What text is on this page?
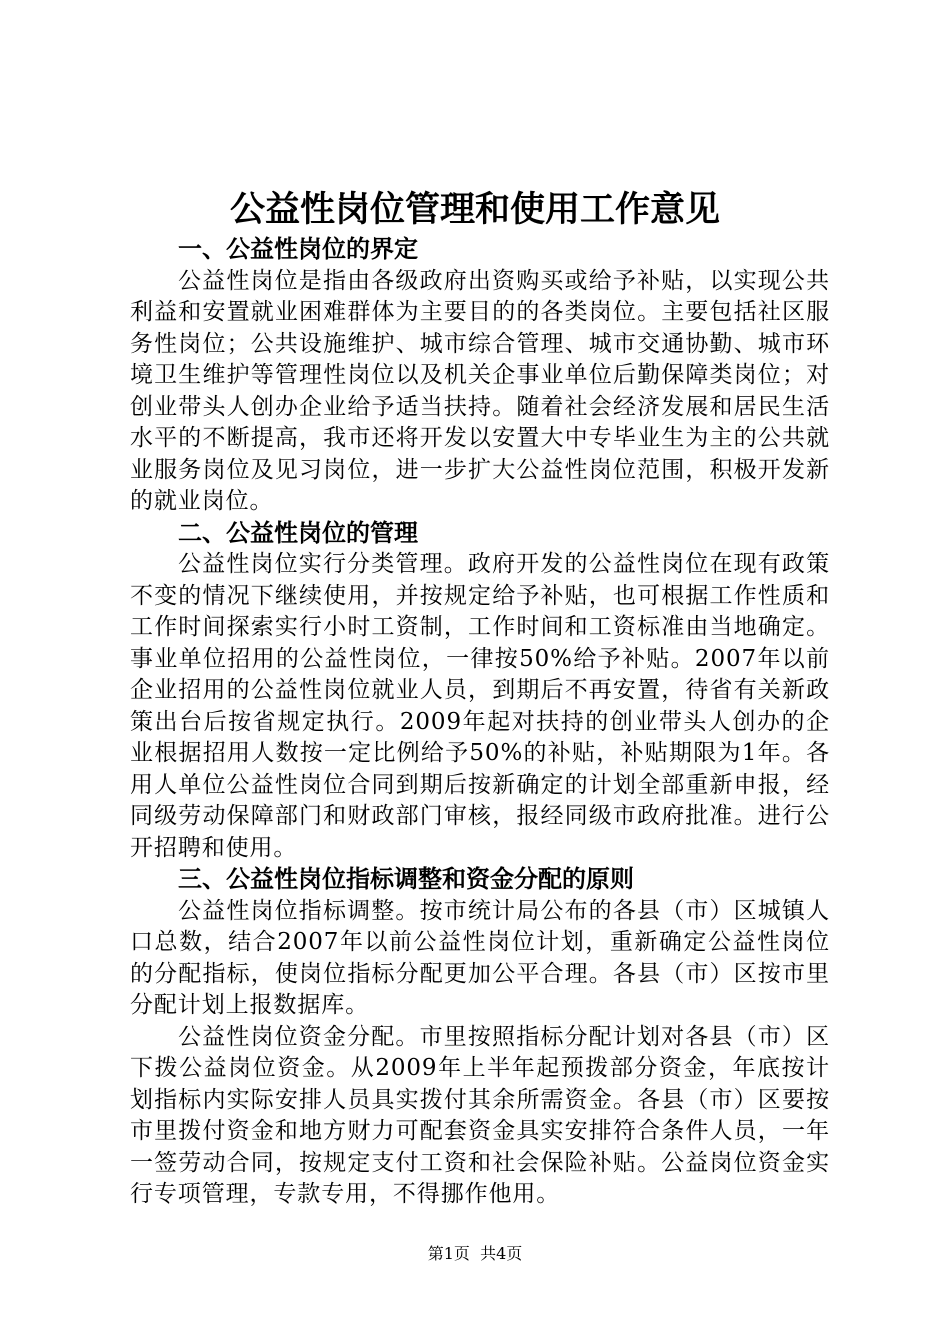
公益性岗位管理和使用工作意见
一、公益性岗位的界定

公益性岗位是指由各级政府出资购买或给予补贴，以实现公共利益和安置就业困难群体为主要目的的各类岗位。主要包括社区服务性岗位；公共设施维护、城市综合管理、城市交通协勤、城市环境卫生维护等管理性岗位以及机关企事业单位后勤保障类岗位；对创业带头人创办企业给予适当扶持。随着社会经济发展和居民生活水平的不断提高，我市还将开发以安置大中专毕业生为主的公共就业服务岗位及见习岗位，进一步扩大公益性岗位范围，积极开发新的就业岗位。

二、公益性岗位的管理

公益性岗位实行分类管理。政府开发的公益性岗位在现有政策不变的情况下继续使用，并按规定给予补贴，也可根据工作性质和工作时间探索实行小时工资制，工作时间和工资标准由当地确定。事业单位招用的公益性岗位，一律按50%给予补贴。2007年以前企业招用的公益性岗位就业人员，到期后不再安置，待省有关新政策出台后按省规定执行。2009年起对扶持的创业带头人创办的企业根据招用人数按一定比例给予50%的补贴，补贴期限为1年。各用人单位公益性岗位合同到期后按新确定的计划全部重新申报，经同级劳动保障部门和财政部门审核，报经同级市政府批准。进行公开招聘和使用。

三、公益性岗位指标调整和资金分配的原则

公益性岗位指标调整。按市统计局公布的各县（市）区城镇人口总数，结合2007年以前公益性岗位计划，重新确定公益性岗位的分配指标，使岗位指标分配更加公平合理。各县（市）区按市里分配计划上报数据库。

公益性岗位资金分配。市里按照指标分配计划对各县（市）区下拨公益岗位资金。从2009年上半年起预拨部分资金，年底按计划指标内实际安排人员具实拨付其余所需资金。各县（市）区要按市里拨付资金和地方财力可配套资金具实安排符合条件人员，一年一签劳动合同，按规定支付工资和社会保险补贴。公益岗位资金实行专项管理，专款专用，不得挪作他用。

第1页 共4页
